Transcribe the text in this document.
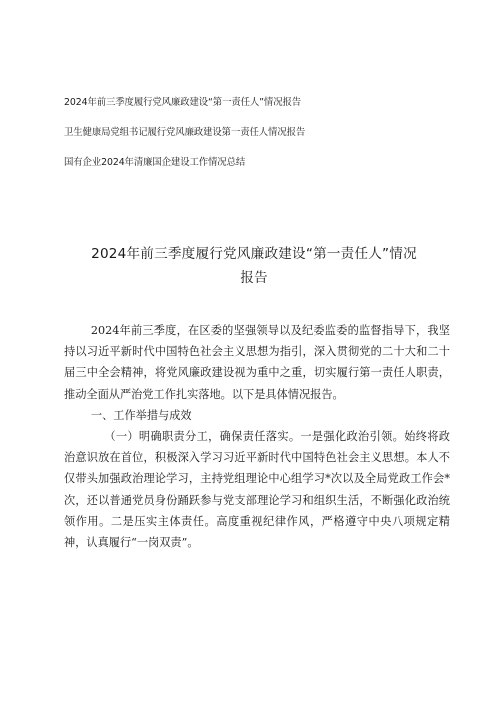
2024年前三季度履行党风廉政建设“第一责任人”情况报告
卫生健康局党组书记履行党风廉政建设第一责任人情况报告
国有企业2024年清廉国企建设工作情况总结
2024年前三季度履行党风廉政建设“第一责任人”情况
报告

2024年前三季度，在区委的坚强领导以及纪委监委的监督指导下，我坚持以习近平新时代中国特色社会主义思想为指引，深入贯彻党的二十大和二十届三中全会精神，将党风廉政建设视为重中之重，切实履行第一责任人职责，推动全面从严治党工作扎实落地。以下是具体情况报告。

一、工作举措与成效

（一）明确职责分工，确保责任落实。一是强化政治引领。始终将政治意识放在首位，积极深入学习习近平新时代中国特色社会主义思想。本人不仅带头加强政治理论学习，主持党组理论中心组学习*次以及全局党政工作会*次，还以普通党员身份踊跃参与党支部理论学习和组织生活，不断强化政治统领作用。二是压实主体责任。高度重视纪律作风，严格遵守中央八项规定精神，认真履行“一岗双责”。
